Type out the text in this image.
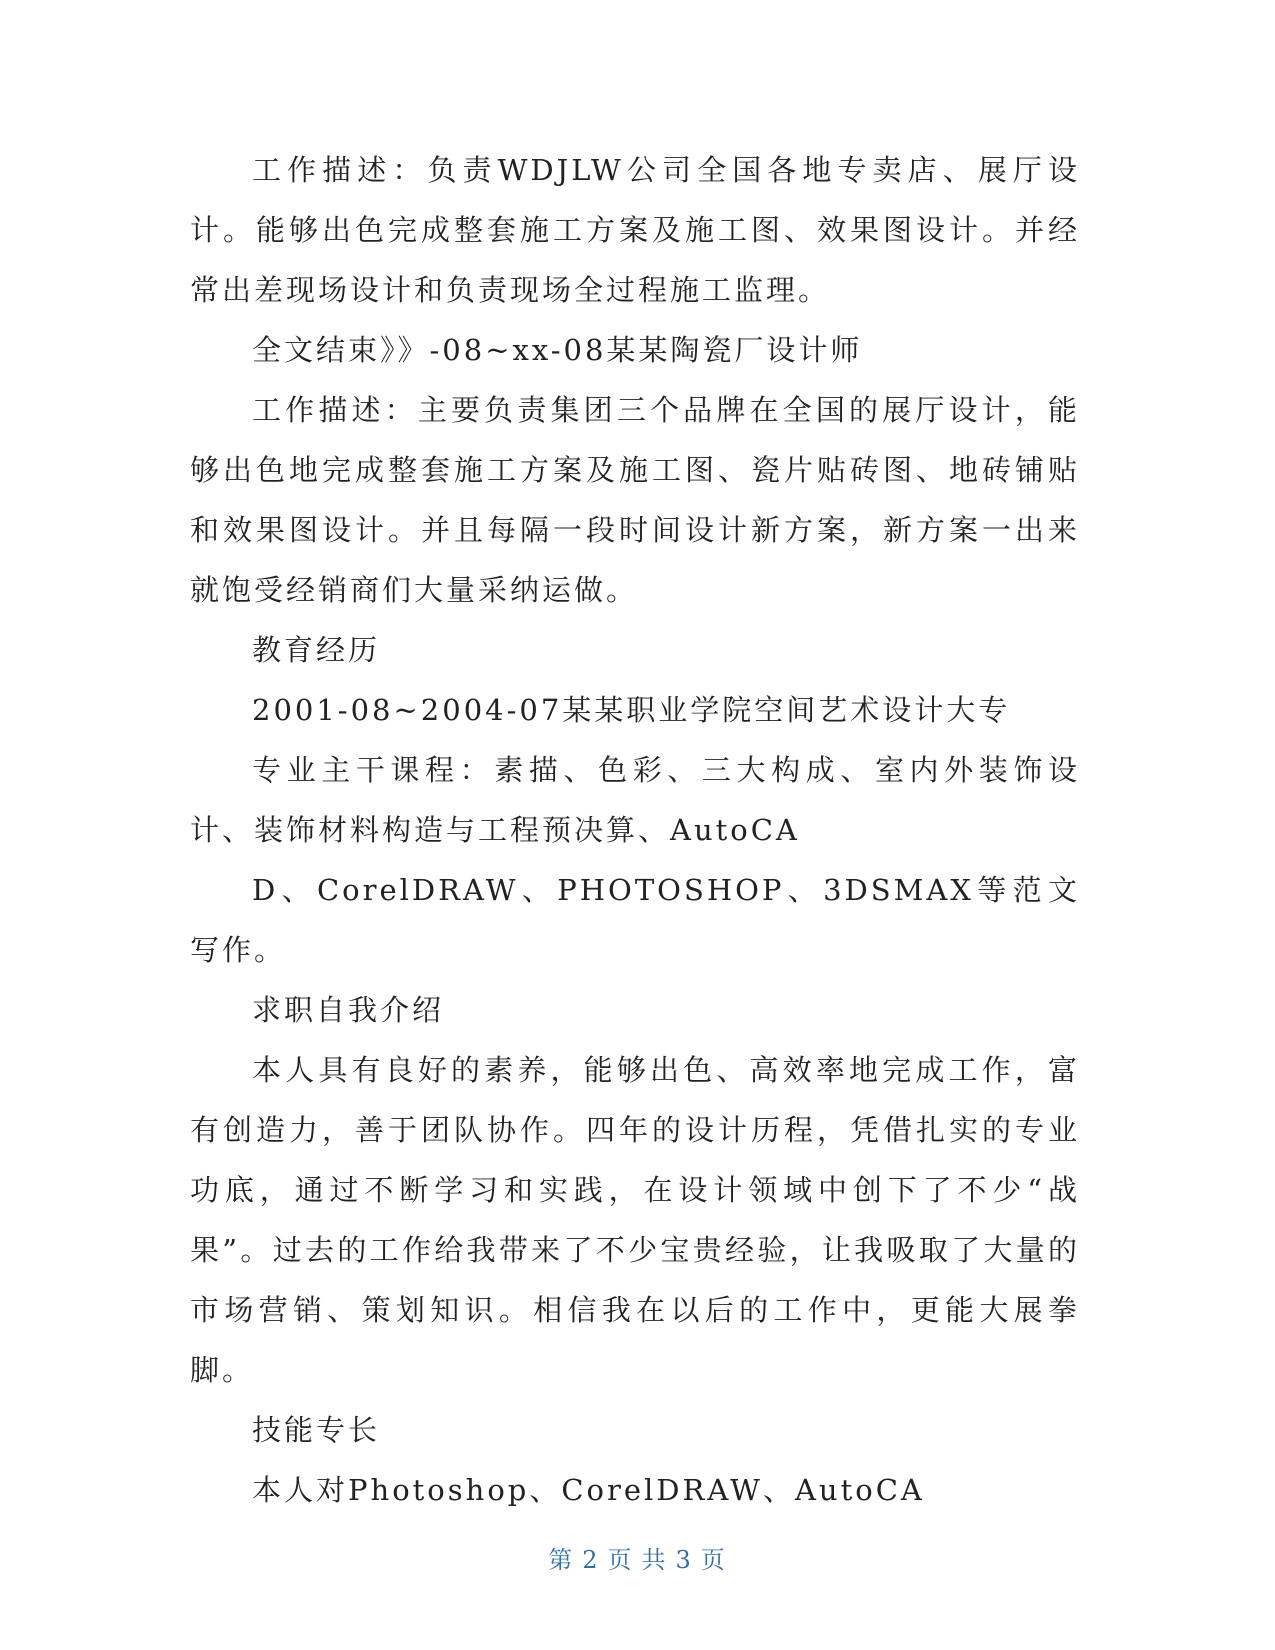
工作描述：负责WDJLW公司全国各地专卖店、展厅设计。能够出色完成整套施工方案及施工图、效果图设计。并经常出差现场设计和负责现场全过程施工监理。

全文结束》》-08~xx-08某某陶瓷厂设计师

工作描述：主要负责集团三个品牌在全国的展厅设计，能够出色地完成整套施工方案及施工图、瓷片贴砖图、地砖铺贴和效果图设计。并且每隔一段时间设计新方案，新方案一出来就饱受经销商们大量采纳运做。

教育经历

2001-08~2004-07某某职业学院空间艺术设计大专

专业主干课程：素描、色彩、三大构成、室内外装饰设计、装饰材料构造与工程预决算、AutoCA

D、CorelDRAW、PHOTOSHOP、3DSMAX等范文写作。

求职自我介绍

本人具有良好的素养，能够出色、高效率地完成工作，富有创造力，善于团队协作。四年的设计历程，凭借扎实的专业功底，通过不断学习和实践，在设计领域中创下了不少“战果”。过去的工作给我带来了不少宝贵经验，让我吸取了大量的市场营销、策划知识。相信我在以后的工作中，更能大展拳脚。

技能专长

本人对Photoshop、CorelDRAW、AutoCA

第 2 页 共 3 页
